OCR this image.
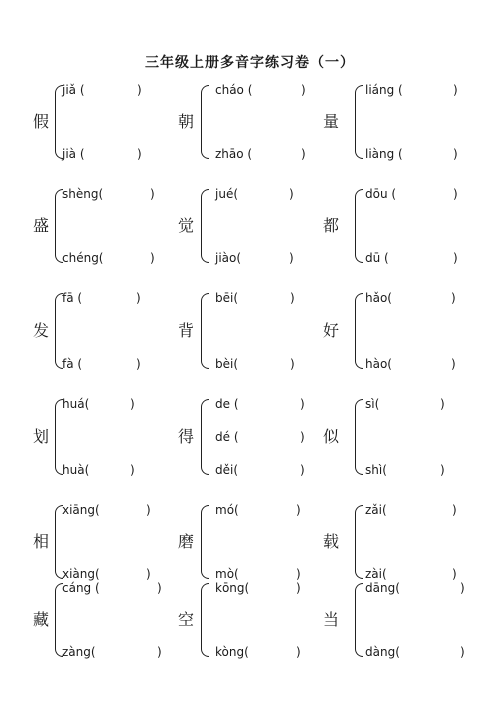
三年级上册多音字练习卷（一）
假
jiǎ (	)
jià (	)
朝
cháo (	)
zhāo (	)
量
liáng (	)
liàng (	)
盛
shèng(	)
chéng(	)
觉
jué(	)
jiào(	)
都
dōu (	)
dū (	)
发
fā (	)
fà (	)
背
bēi(	)
bèi(	)
好
hǎo(	)
hào(	)
划
huá(	)
huà(	)
得
de (	)
dé (	)
děi(	)
似
sì(	)
shì(	)
相
xiāng(	)
xiàng(	)
磨
mó(	)
mò(	)
载
zǎi(	)
zài(	)
藏
cáng (	)
zàng(	)
空
kōng(	)
kòng(	)
当
dāng(	)
dàng(	)
